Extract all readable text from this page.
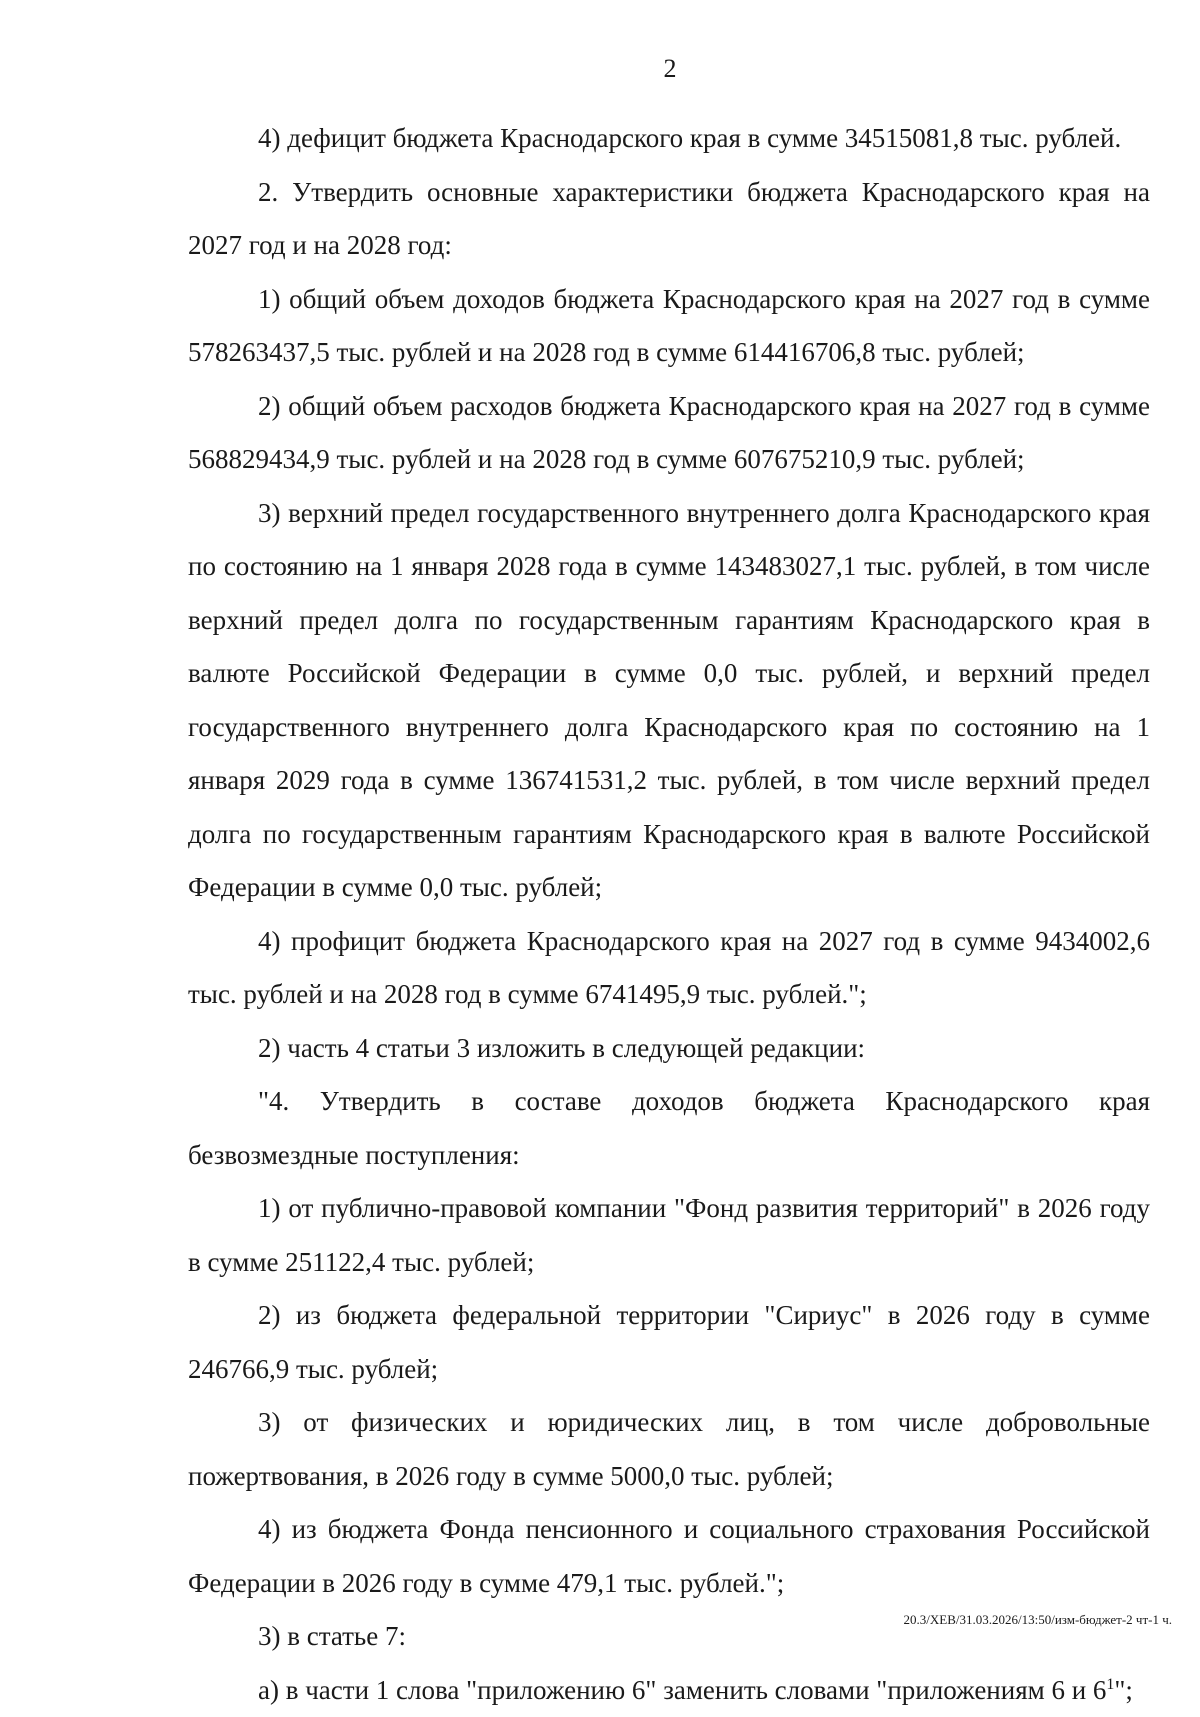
2

4) дефицит бюджета Краснодарского края в сумме 34515081,8 тыс. рублей.

2. Утвердить основные характеристики бюджета Краснодарского края на 2027 год и на 2028 год:

1) общий объем доходов бюджета Краснодарского края на 2027 год в сумме 578263437,5 тыс. рублей и на 2028 год в сумме 614416706,8 тыс. рублей;

2) общий объем расходов бюджета Краснодарского края на 2027 год в сумме 568829434,9 тыс. рублей и на 2028 год в сумме 607675210,9 тыс. рублей;

3) верхний предел государственного внутреннего долга Краснодарского края по состоянию на 1 января 2028 года в сумме 143483027,1 тыс. рублей, в том числе верхний предел долга по государственным гарантиям Краснодарского края в валюте Российской Федерации в сумме 0,0 тыс. рублей, и верхний предел государственного внутреннего долга Краснодарского края по состоянию на 1 января 2029 года в сумме 136741531,2 тыс. рублей, в том числе верхний предел долга по государственным гарантиям Краснодарского края в валюте Российской Федерации в сумме 0,0 тыс. рублей;

4) профицит бюджета Краснодарского края на 2027 год в сумме 9434002,6 тыс. рублей и на 2028 год в сумме 6741495,9 тыс. рублей.";

2) часть 4 статьи 3 изложить в следующей редакции:

"4. Утвердить в составе доходов бюджета Краснодарского края безвозмездные поступления:

1) от публично-правовой компании "Фонд развития территорий" в 2026 году в сумме 251122,4 тыс. рублей;

2) из бюджета федеральной территории "Сириус" в 2026 году в сумме 246766,9 тыс. рублей;

3) от физических и юридических лиц, в том числе добровольные пожертвования, в 2026 году в сумме 5000,0 тыс. рублей;

4) из бюджета Фонда пенсионного и социального страхования Российской Федерации в 2026 году в сумме 479,1 тыс. рублей.";

3) в статье 7:

а) в части 1 слова "приложению 6" заменить словами "приложениям 6 и $6^1$";

20.3/ХЕВ/31.03.2026/13:50/изм-бюджет-2 чт-1 ч.
